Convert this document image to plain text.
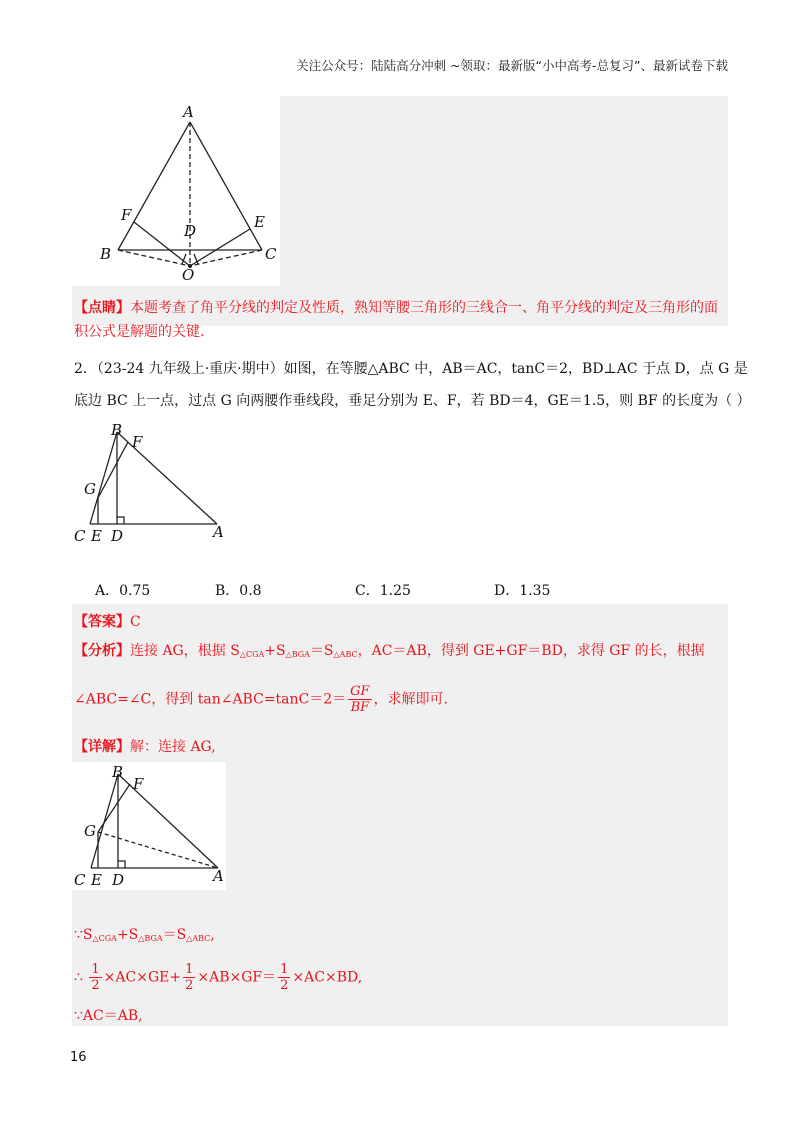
关注公众号：陆陆高分冲刺 ~领取：最新版“小中高考-总复习”、最新试卷下载
A
F
D	E
B
O
C
【点睛】本题考查了角平分线的判定及性质，熟知等腰三角形的三线合一、角平分线的判定及三角形的面
积公式是解题的关键.
2．（23-24 九年级上·重庆·期中）如图，在等腰△ABC 中，AB＝AC，tanC＝2，BD⊥AC 于点 D，点 G 是
底边 BC 上一点，过点 G 向两腰作垂线段，垂足分别为 E、F，若 BD＝4，GE＝1.5，则 BF 的长度为（ ）
B
F
G
C E D	A
A．0.75	B．0.8	C．1.25	D．1.35
【答案】C
【分析】连接 AG，根据 $S_{\triangle CGA}+S_{\triangle BGA}=S_{\triangle ABC}$，AC＝AB，得到 GE+GF＝BD，求得 GF 的长，根据
∠ABC=∠C，得到 tan∠ABC=tanC＝2＝ $\frac{GF}{BF}$ ，求解即可.
【详解】解：连接 AG,
B
F
G
C E D	A
$\because S_{\triangle CGA}+S_{\triangle BGA}=S_{\triangle ABC}$,
∴ $\frac{1}{2} \times AC\times GE+ \frac{1}{2} \times AB\times GF= \frac{1}{2} \times AC\times BD$,
∵AC＝AB,
16
